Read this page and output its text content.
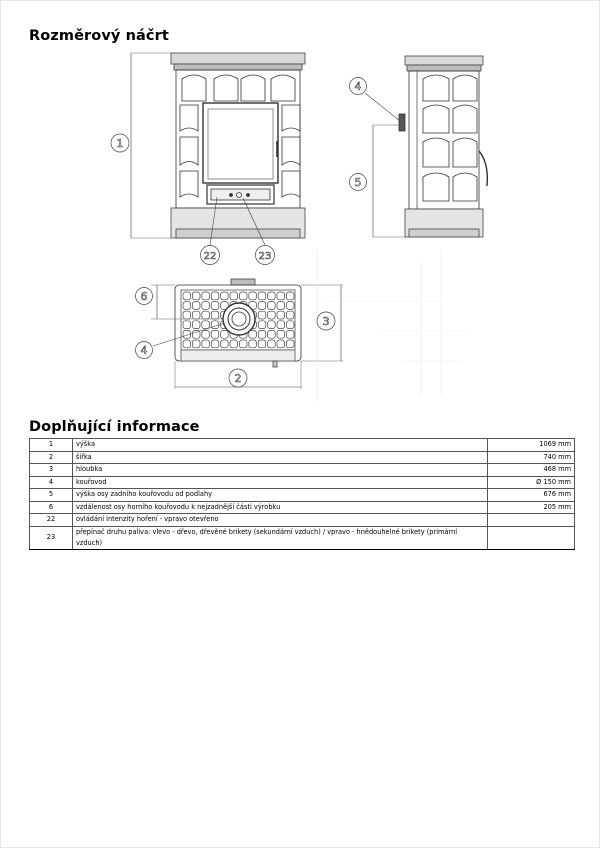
Rozměrový náčrt
1
22	23
4
5
6
4
3
2
Doplňující informace
1	výška	1069 mm
2	šířka	740 mm
3	hloubka	468 mm
4	kouřovod	Ø 150 mm
5	výška osy zadního kouřovodu od podlahy	676 mm
6	vzdálenost osy horního kouřovodu k nejzadnější části výrobku	205 mm
22	ovládání intenzity hoření - vpravo otevřeno	
23	přepínač druhu paliva: vlevo - dřevo, dřevěné brikety (sekundární vzduch) / vpravo - hnědouhelné brikety (primární vzduch)	
